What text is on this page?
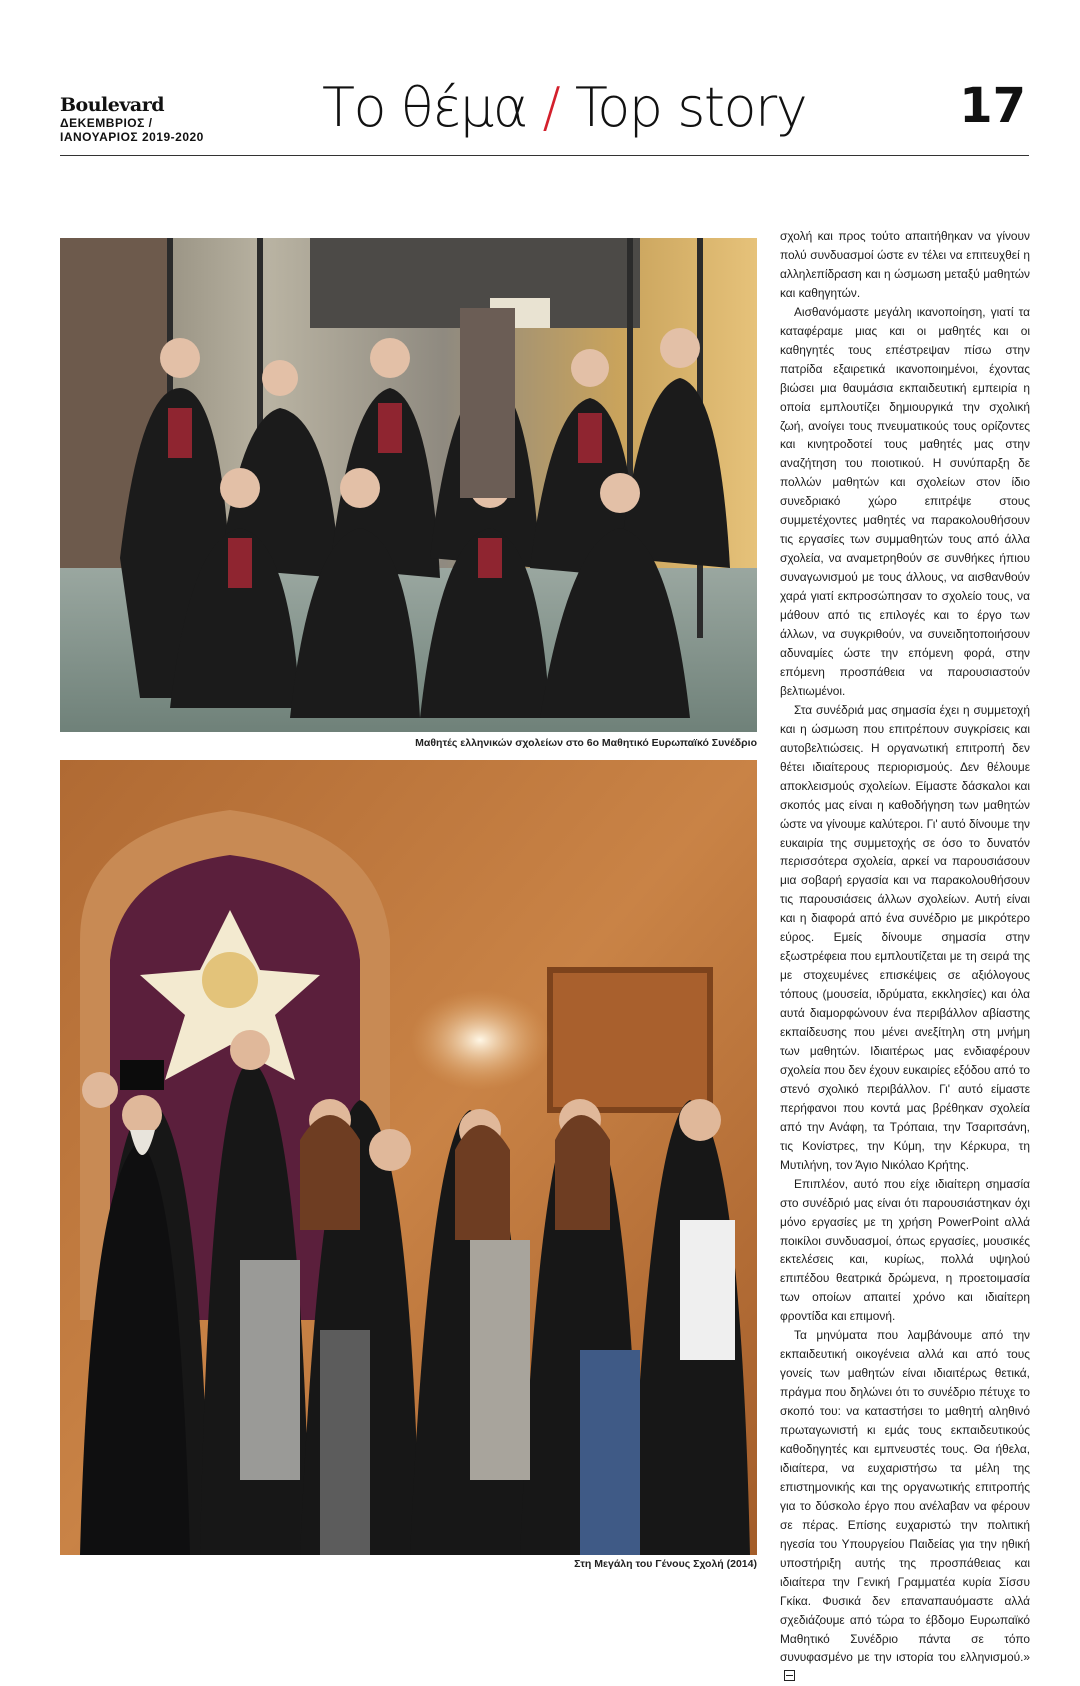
Boulevard
ΔΕΚΕΜΒΡΙΟΣ /
ΙΑΝΟΥΑΡΙΟΣ 2019-2020 Το θέμα / Top story	17
Μαθητές ελληνικών σχολείων στο 6ο Μαθητικό Ευρωπαϊκό Συνέδριο
Στη Μεγάλη του Γένους Σχολή (2014)

σχολή και προς τούτο απαιτήθηκαν να γίνουν πολύ συνδυασμοί ώστε εν τέλει να επιτευχθεί η αλληλεπίδραση και η ώσμωση μεταξύ μαθητών και καθηγητών.

Αισθανόμαστε μεγάλη ικανοποίηση, γιατί τα καταφέραμε μιας και οι μαθητές και οι καθηγητές τους επέστρεψαν πίσω στην πατρίδα εξαιρετικά ικανοποιημένοι, έχοντας βιώσει μια θαυμάσια εκπαιδευτική εμπειρία η οποία εμπλουτίζει δημιουργικά την σχολική ζωή, ανοίγει τους πνευματικούς τους ορίζοντες και κινητροδοτεί τους μαθητές μας στην αναζήτηση του ποιοτικού. Η συνύπαρξη δε πολλών μαθητών και σχολείων στον ίδιο συνεδριακό χώρο επιτρέψε στους συμμετέχοντες μαθητές να παρακολουθήσουν τις εργασίες των συμμαθητών τους από άλλα σχολεία, να αναμετρηθούν σε συνθήκες ήπιου συναγωνισμού με τους άλλους, να αισθανθούν χαρά γιατί εκπροσώπησαν το σχολείο τους, να μάθουν από τις επιλογές και το έργο των άλλων, να συγκριθούν, να συνειδητοποιήσουν αδυναμίες ώστε την επόμενη φορά, στην επόμενη προσπάθεια να παρουσιαστούν βελτιωμένοι.

Στα συνέδριά μας σημασία έχει η συμμετοχή και η ώσμωση που επιτρέπουν συγκρίσεις και αυτοβελτιώσεις. Η οργανωτική επιτροπή δεν θέτει ιδιαίτερους περιορισμούς. Δεν θέλουμε αποκλεισμούς σχολείων. Είμαστε δάσκαλοι και σκοπός μας είναι η καθοδήγηση των μαθητών ώστε να γίνουμε καλύτεροι. Γι' αυτό δίνουμε την ευκαιρία της συμμετοχής σε όσο το δυνατόν περισσότερα σχολεία, αρκεί να παρουσιάσουν μια σοβαρή εργασία και να παρακολουθήσουν τις παρουσιάσεις άλλων σχολείων. Αυτή είναι και η διαφορά από ένα συνέδριο με μικρότερο εύρος. Εμείς δίνουμε σημασία στην εξωστρέφεια που εμπλουτίζεται με τη σειρά της με στοχευμένες επισκέψεις σε αξιόλογους τόπους (μουσεία, ιδρύματα, εκκλησίες) και όλα αυτά διαμορφώνουν ένα περιβάλλον αβίαστης εκπαίδευσης που μένει ανεξίτηλη στη μνήμη των μαθητών. Ιδιαιτέρως μας ενδιαφέρουν σχολεία που δεν έχουν ευκαιρίες εξόδου από το στενό σχολικό περιβάλλον. Γι' αυτό είμαστε περήφανοι που κοντά μας βρέθηκαν σχολεία από την Ανάφη, τα Τρόπαια, την Τσαριτσάνη, τις Κονίστρες, την Κύμη, την Κέρκυρα, τη Μυτιλήνη, τον Άγιο Νικόλαο Κρήτης.

Επιπλέον, αυτό που είχε ιδιαίτερη σημασία στο συνέδριό μας είναι ότι παρουσιάστηκαν όχι μόνο εργασίες με τη χρήση PowerPoint αλλά ποικίλοι συνδυασμοί, όπως εργασίες, μουσικές εκτελέσεις και, κυρίως, πολλά υψηλού επιπέδου θεατρικά δρώμενα, η προετοιμασία των οποίων απαιτεί χρόνο και ιδιαίτερη φροντίδα και επιμονή.

Τα μηνύματα που λαμβάνουμε από την εκπαιδευτική οικογένεια αλλά και από τους γονείς των μαθητών είναι ιδιαιτέρως θετικά, πράγμα που δηλώνει ότι το συνέδριο πέτυχε το σκοπό του: να καταστήσει το μαθητή αληθινό πρωταγωνιστή κι εμάς τους εκπαιδευτικούς καθοδηγητές και εμπνευστές τους. Θα ήθελα, ιδιαίτερα, να ευχαριστήσω τα μέλη της επιστημονικής και της οργανωτικής επιτροπής για το δύσκολο έργο που ανέλαβαν να φέρουν σε πέρας. Επίσης ευχαριστώ την πολιτική ηγεσία του Υπουργείου Παιδείας για την ηθική υποστήριξη αυτής της προσπάθειας και ιδιαίτερα την Γενική Γραμματέα κυρία Σίσσυ Γκίκα. Φυσικά δεν επαναπαυόμαστε αλλά σχεδιάζουμε από τώρα το έβδομο Ευρωπαϊκό Μαθητικό Συνέδριο πάντα σε τόπο συνυφασμένο με την ιστορία του ελληνισμού.»
